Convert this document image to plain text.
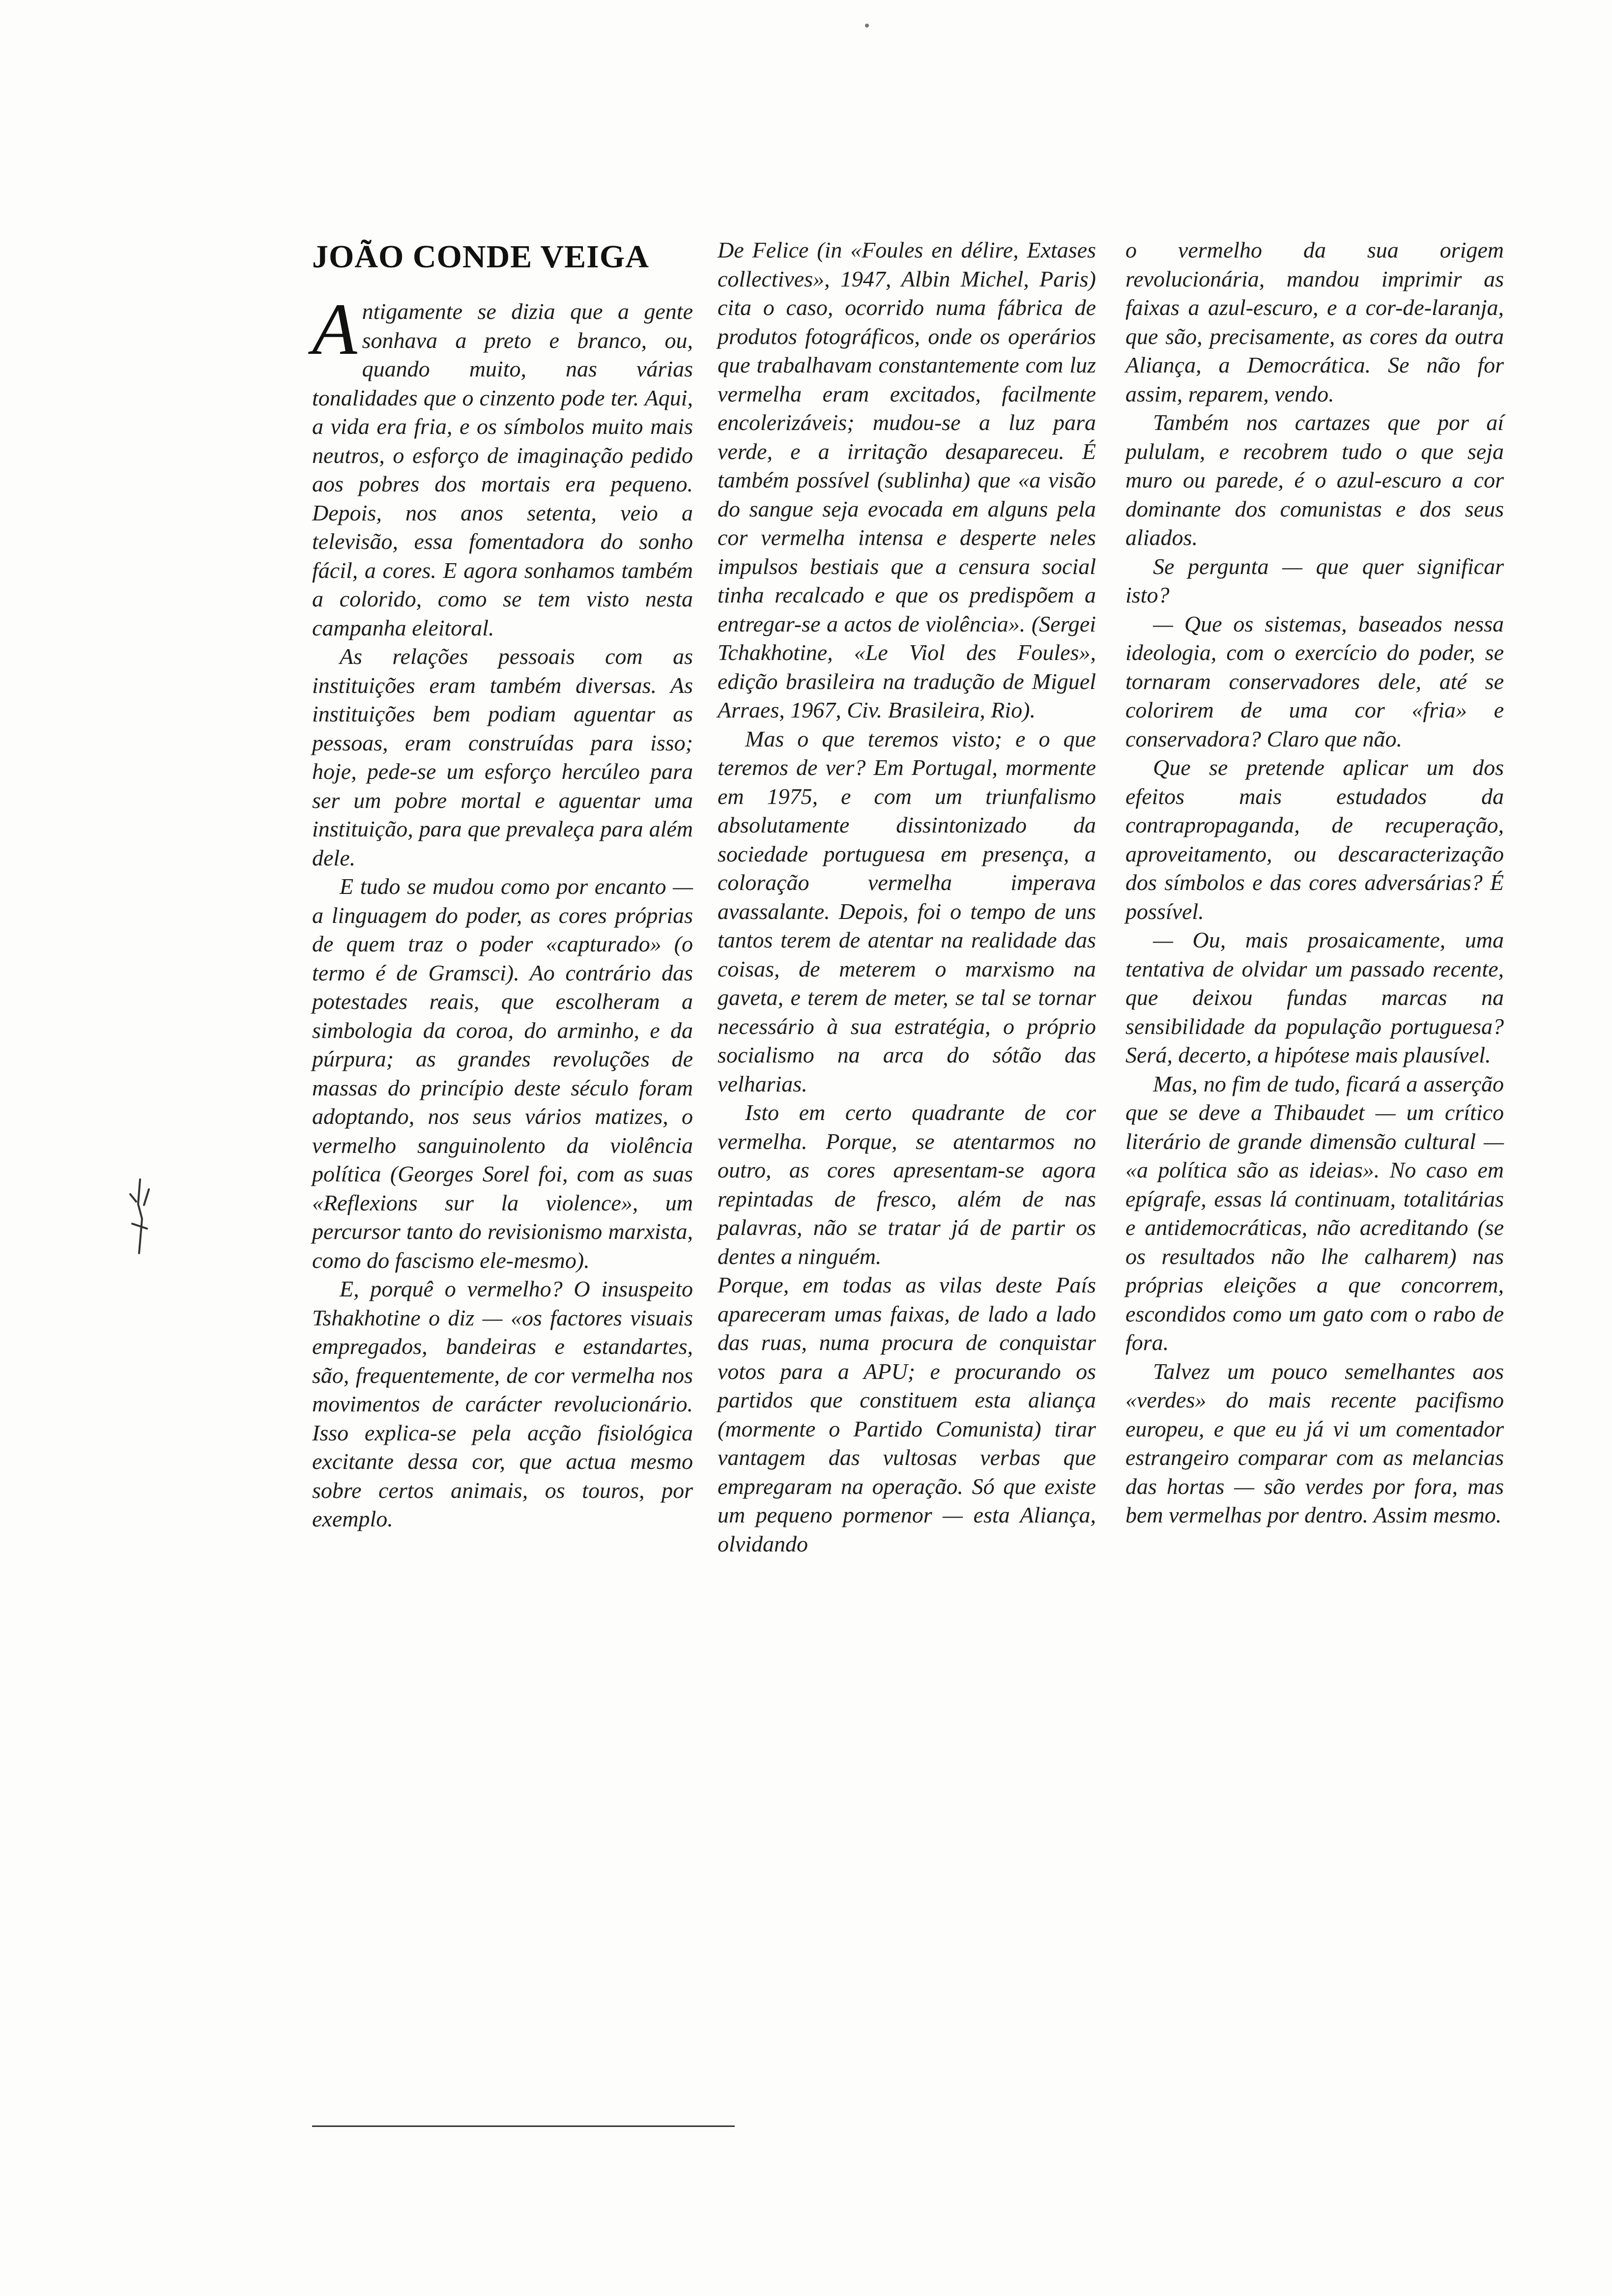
JOÃO CONDE VEIGA

Antigamente se dizia que a gente sonhava a preto e branco, ou, quando muito, nas várias tonalidades que o cinzento pode ter. Aqui, a vida era fria, e os símbolos muito mais neutros, o esforço de imaginação pedido aos pobres dos mortais era pequeno. Depois, nos anos setenta, veio a televisão, essa fomentadora do sonho fácil, a cores. E agora sonhamos também a colorido, como se tem visto nesta campanha eleitoral.

As relações pessoais com as instituições eram também diversas. As instituições bem podiam aguentar as pessoas, eram construídas para isso; hoje, pede-se um esforço hercúleo para ser um pobre mortal e aguentar uma instituição, para que prevaleça para além dele.

E tudo se mudou como por encanto — a linguagem do poder, as cores próprias de quem traz o poder «capturado» (o termo é de Gramsci). Ao contrário das potestades reais, que escolheram a simbologia da coroa, do arminho, e da púrpura; as grandes revoluções de massas do princípio deste século foram adoptando, nos seus vários matizes, o vermelho sanguinolento da violência política (Georges Sorel foi, com as suas «Reflexions sur la violence», um percursor tanto do revisionismo marxista, como do fascismo ele-mesmo).

E, porquê o vermelho? O insuspeito Tshakhotine o diz — «os factores visuais empregados, bandeiras e estandartes, são, frequentemente, de cor vermelha nos movimentos de carácter revolucionário. Isso explica-se pela acção fisiológica excitante dessa cor, que actua mesmo sobre certos animais, os touros, por exemplo.

De Felice (in «Foules en délire, Extases collectives», 1947, Albin Michel, Paris) cita o caso, ocorrido numa fábrica de produtos fotográficos, onde os operários que trabalhavam constantemente com luz vermelha eram excitados, facilmente encolerizáveis; mudou-se a luz para verde, e a irritação desapareceu. É também possível (sublinha) que «a visão do sangue seja evocada em alguns pela cor vermelha intensa e desperte neles impulsos bestiais que a censura social tinha recalcado e que os predispõem a entregar-se a actos de violência». (Sergei Tchakhotine, «Le Viol des Foules», edição brasileira na tradução de Miguel Arraes, 1967, Civ. Brasileira, Rio).

Mas o que teremos visto; e o que teremos de ver? Em Portugal, mormente em 1975, e com um triunfalismo absolutamente dissintonizado da sociedade portuguesa em presença, a coloração vermelha imperava avassalante. Depois, foi o tempo de uns tantos terem de atentar na realidade das coisas, de meterem o marxismo na gaveta, e terem de meter, se tal se tornar necessário à sua estratégia, o próprio socialismo na arca do sótão das velharias.

Isto em certo quadrante de cor vermelha. Porque, se atentarmos no outro, as cores apresentam-se agora repintadas de fresco, além de nas palavras, não se tratar já de partir os dentes a ninguém.

Porque, em todas as vilas deste País apareceram umas faixas, de lado a lado das ruas, numa procura de conquistar votos para a APU; e procurando os partidos que constituem esta aliança (mormente o Partido Comunista) tirar vantagem das vultosas verbas que empregaram na operação. Só que existe um pequeno pormenor — esta Aliança, olvidando

o vermelho da sua origem revolucionária, mandou imprimir as faixas a azul-escuro, e a cor-de-laranja, que são, precisamente, as cores da outra Aliança, a Democrática. Se não for assim, reparem, vendo.

Também nos cartazes que por aí pululam, e recobrem tudo o que seja muro ou parede, é o azul-escuro a cor dominante dos comunistas e dos seus aliados.

Se pergunta — que quer significar isto?

— Que os sistemas, baseados nessa ideologia, com o exercício do poder, se tornaram conservadores dele, até se colorirem de uma cor «fria» e conservadora? Claro que não.

Que se pretende aplicar um dos efeitos mais estudados da contrapropaganda, de recuperação, aproveitamento, ou descaracterização dos símbolos e das cores adversárias? É possível.

— Ou, mais prosaicamente, uma tentativa de olvidar um passado recente, que deixou fundas marcas na sensibilidade da população portuguesa? Será, decerto, a hipótese mais plausível.

Mas, no fim de tudo, ficará a asserção que se deve a Thibaudet — um crítico literário de grande dimensão cultural — «a política são as ideias». No caso em epígrafe, essas lá continuam, totalitárias e antidemocráticas, não acreditando (se os resultados não lhe calharem) nas próprias eleições a que concorrem, escondidos como um gato com o rabo de fora.

Talvez um pouco semelhantes aos «verdes» do mais recente pacifismo europeu, e que eu já vi um comentador estrangeiro comparar com as melancias das hortas — são verdes por fora, mas bem vermelhas por dentro. Assim mesmo.
